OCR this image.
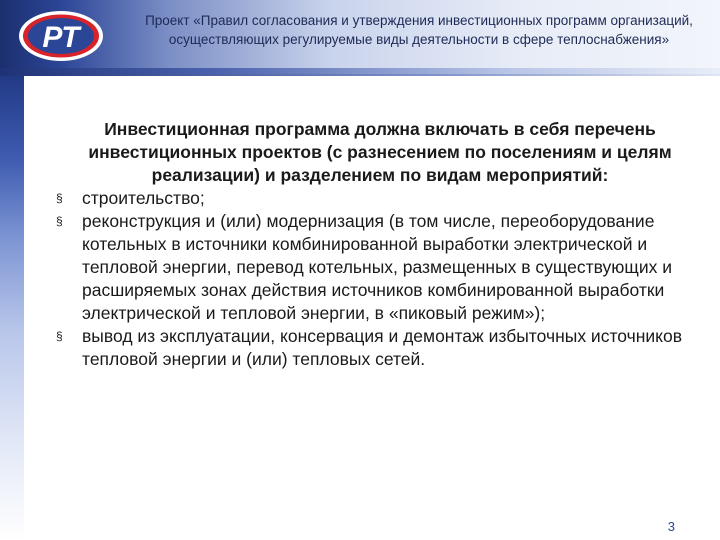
РТ
Проект «Правил согласования и утверждения инвестиционных программ организаций, осуществляющих регулируемые виды деятельности в сфере теплоснабжения»

Инвестиционная программа должна включать в себя перечень инвестиционных проектов (с разнесением по поселениям и целям реализации) и разделением по видам мероприятий:

§	строительство;
§	реконструкция и (или) модернизация (в том числе, переоборудование котельных в источники комбинированной выработки электрической и тепловой энергии, перевод котельных, размещенных в существующих и расширяемых зонах действия источников комбинированной выработки электрической и тепловой энергии, в «пиковый режим»);
§	вывод из эксплуатации, консервация и демонтаж избыточных источников тепловой энергии и (или) тепловых сетей.
3
